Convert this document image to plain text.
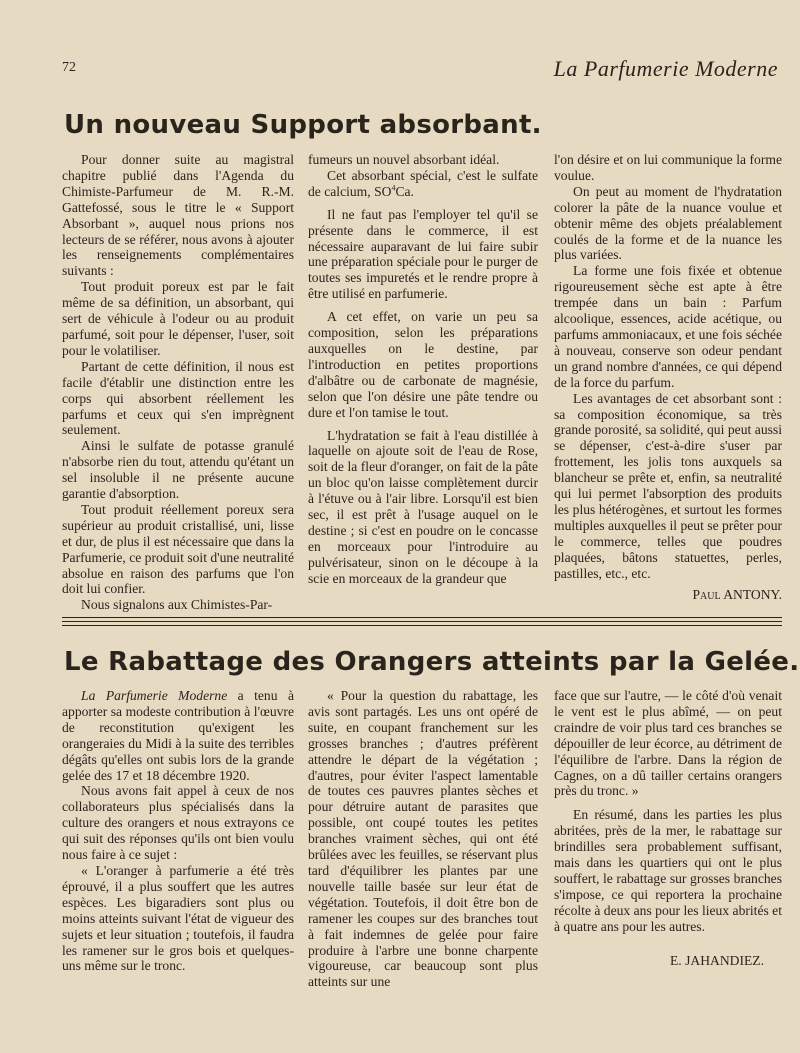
72	La Parfumerie Moderne
Un nouveau Support absorbant.

Pour donner suite au magistral chapitre publié dans l'Agenda du Chimiste-Parfumeur de M. R.-M. Gattefossé, sous le titre le « Support Absorbant », auquel nous prions nos lecteurs de se référer, nous avons à ajouter les renseignements complémentaires suivants :

Tout produit poreux est par le fait même de sa définition, un absorbant, qui sert de véhicule à l'odeur ou au produit parfumé, soit pour le dépenser, l'user, soit pour le volatiliser.

Partant de cette définition, il nous est facile d'établir une distinction entre les corps qui absorbent réellement les parfums et ceux qui s'en imprègnent seulement.

Ainsi le sulfate de potasse granulé n'absorbe rien du tout, attendu qu'étant un sel insoluble il ne présente aucune garantie d'absorption.

Tout produit réellement poreux sera supérieur au produit cristallisé, uni, lisse et dur, de plus il est nécessaire que dans la Parfumerie, ce produit soit d'une neutralité absolue en raison des parfums que l'on doit lui confier.

Nous signalons aux Chimistes-Par-

fumeurs un nouvel absorbant idéal.

Cet absorbant spécial, c'est le sulfate de calcium, $SO^4Ca$.

Il ne faut pas l'employer tel qu'il se présente dans le commerce, il est nécessaire auparavant de lui faire subir une préparation spéciale pour le purger de toutes ses impuretés et le rendre propre à être utilisé en parfumerie.

A cet effet, on varie un peu sa composition, selon les préparations auxquelles on le destine, par l'introduction en petites proportions d'albâtre ou de carbonate de magnésie, selon que l'on désire une pâte tendre ou dure et l'on tamise le tout.

L'hydratation se fait à l'eau distillée à laquelle on ajoute soit de l'eau de Rose, soit de la fleur d'oranger, on fait de la pâte un bloc qu'on laisse complètement durcir à l'étuve ou à l'air libre. Lorsqu'il est bien sec, il est prêt à l'usage auquel on le destine ; si c'est en poudre on le concasse en morceaux pour l'introduire au pulvérisateur, sinon on le découpe à la scie en morceaux de la grandeur que

l'on désire et on lui communique la forme voulue.

On peut au moment de l'hydratation colorer la pâte de la nuance voulue et obtenir même des objets préalablement coulés de la forme et de la nuance les plus variées.

La forme une fois fixée et obtenue rigoureusement sèche est apte à être trempée dans un bain : Parfum alcoolique, essences, acide acétique, ou parfums ammoniacaux, et une fois séchée à nouveau, conserve son odeur pendant un grand nombre d'années, ce qui dépend de la force du parfum.

Les avantages de cet absorbant sont : sa composition économique, sa très grande porosité, sa solidité, qui peut aussi se dépenser, c'est-à-dire s'user par frottement, les jolis tons auxquels sa blancheur se prête et, enfin, sa neutralité qui lui permet l'absorption des produits les plus hétérogènes, et surtout les formes multiples auxquelles il peut se prêter pour le commerce, telles que poudres plaquées, bâtons statuettes, perles, pastilles, etc., etc.

Paul ANTONY.
Le Rabattage des Orangers atteints par la Gelée.

La Parfumerie Moderne a tenu à apporter sa modeste contribution à l'œuvre de reconstitution qu'exigent les orangeraies du Midi à la suite des terribles dégâts qu'elles ont subis lors de la grande gelée des 17 et 18 décembre 1920.

Nous avons fait appel à ceux de nos collaborateurs plus spécialisés dans la culture des orangers et nous extrayons ce qui suit des réponses qu'ils ont bien voulu nous faire à ce sujet :

« L'oranger à parfumerie a été très éprouvé, il a plus souffert que les autres espèces. Les bigaradiers sont plus ou moins atteints suivant l'état de vigueur des sujets et leur situation ; toutefois, il faudra les ramener sur le gros bois et quelques-uns même sur le tronc.

« Pour la question du rabattage, les avis sont partagés. Les uns ont opéré de suite, en coupant franchement sur les grosses branches ; d'autres préfèrent attendre le départ de la végétation ; d'autres, pour éviter l'aspect lamentable de toutes ces pauvres plantes sèches et pour détruire autant de parasites que possible, ont coupé toutes les petites branches vraiment sèches, qui ont été brûlées avec les feuilles, se réservant plus tard d'équilibrer les plantes par une nouvelle taille basée sur leur état de végétation. Toutefois, il doit être bon de ramener les coupes sur des branches tout à fait indemnes de gelée pour faire produire à l'arbre une bonne charpente vigoureuse, car beaucoup sont plus atteints sur une

face que sur l'autre, — le côté d'où venait le vent est le plus abîmé, — on peut craindre de voir plus tard ces branches se dépouiller de leur écorce, au détriment de l'équilibre de l'arbre. Dans la région de Cagnes, on a dû tailler certains orangers près du tronc. »

En résumé, dans les parties les plus abritées, près de la mer, le rabattage sur brindilles sera probablement suffisant, mais dans les quartiers qui ont le plus souffert, le rabattage sur grosses branches s'impose, ce qui reportera la prochaine récolte à deux ans pour les lieux abrités et à quatre ans pour les autres.

E. JAHANDIEZ.
